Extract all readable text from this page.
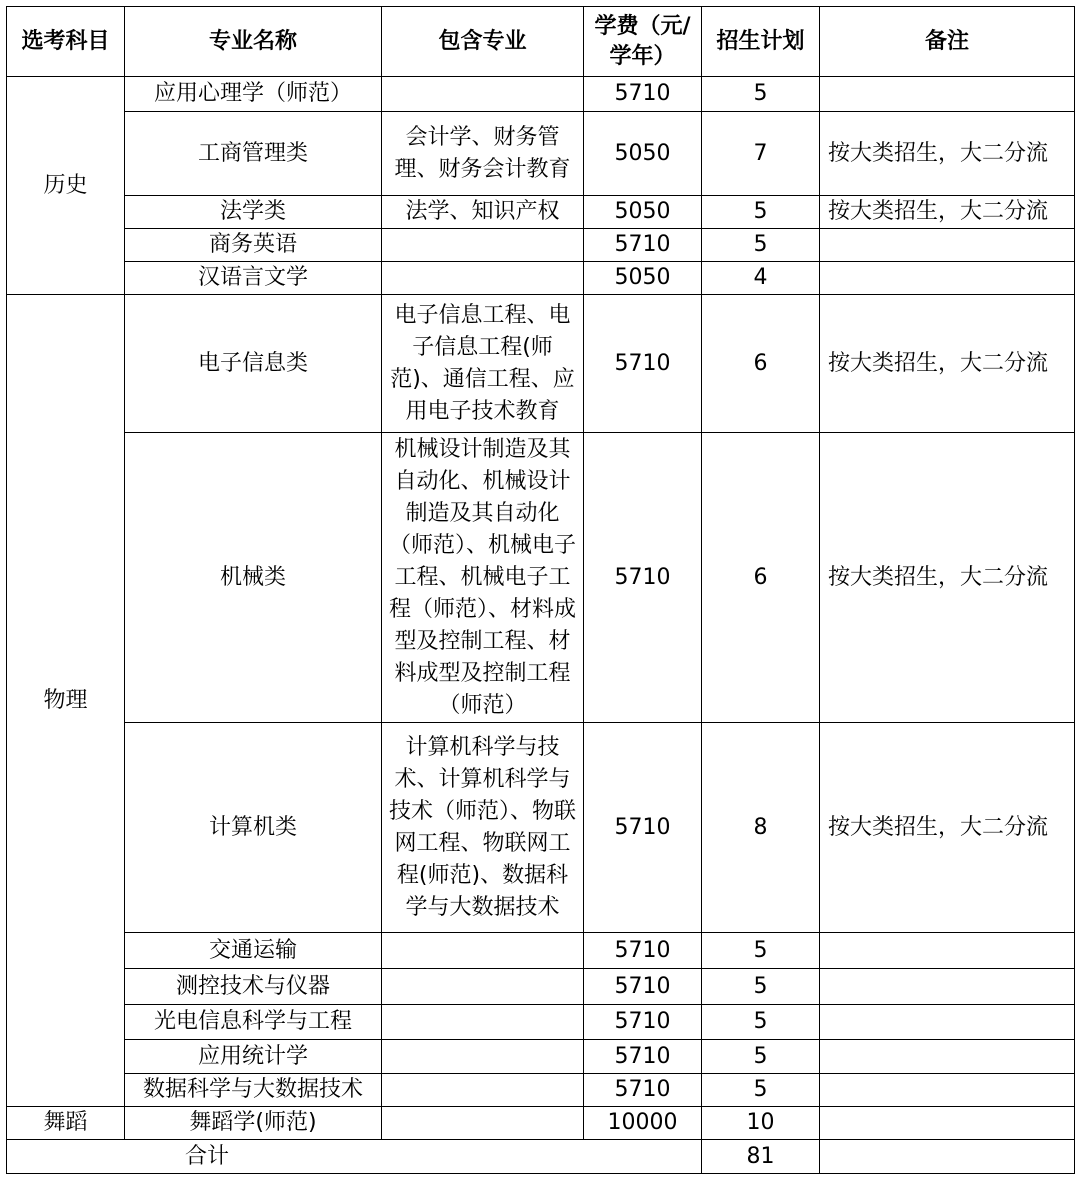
选考科目	专业名称	包含专业	学费（元/
学年）	招生计划	备注
历史	应用心理学（师范）		5710	5	
	工商管理类	会计学、财务管理、财务会计教育	5050	7	按大类招生，大二分流
	法学类	法学、知识产权	5050	5	按大类招生，大二分流
	商务英语		5710	5	
	汉语言文学		5050	4	
物理	电子信息类	电子信息工程、电子信息工程(师范)、通信工程、应用电子技术教育	5710	6	按大类招生，大二分流
	机械类	机械设计制造及其自动化、机械设计制造及其自动化（师范）、机械电子工程、机械电子工程（师范）、材料成型及控制工程、材料成型及控制工程（师范）	5710	6	按大类招生，大二分流
	计算机类	计算机科学与技术、计算机科学与技术（师范）、物联网工程、物联网工程(师范)、数据科学与大数据技术	5710	8	按大类招生，大二分流
	交通运输		5710	5	
	测控技术与仪器		5710	5	
	光电信息科学与工程		5710	5	
	应用统计学		5710	5	
	数据科学与大数据技术		5710	5	
舞蹈	舞蹈学(师范)		10000	10	
合计				81	
